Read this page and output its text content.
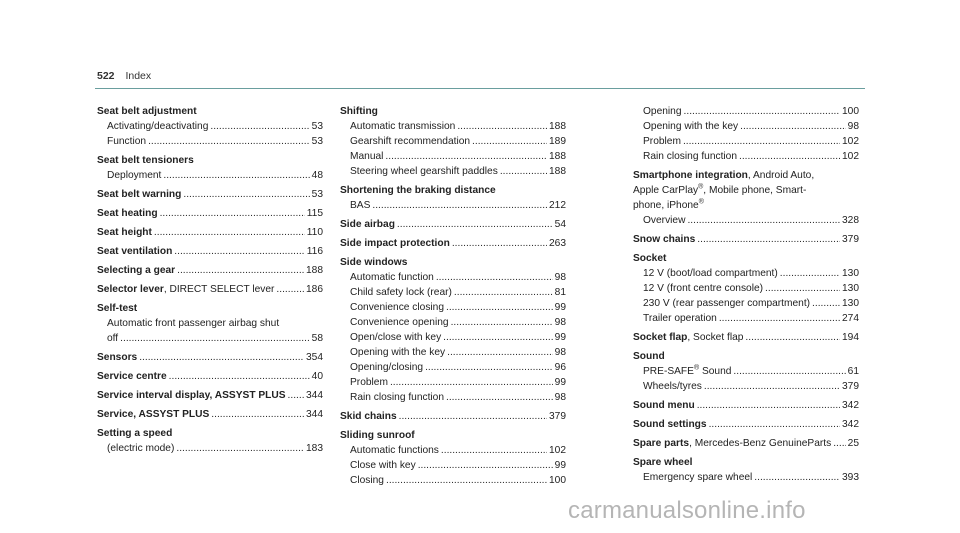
522 Index
Seat belt adjustment
Activating/deactivating .....	53
Function .....	53
Seat belt tensioners
Deployment .....	48
Seat belt warning .....	53
Seat heating .....	115
Seat height .....	110
Seat ventilation .....	116
Selecting a gear .....	188
Selector lever, DIRECT SELECT lever .....	186
Self-test
Automatic front passenger airbag shut
off .....	58
Sensors .....	354
Service centre .....	40
Service interval display, ASSYST PLUS ..... 344
Service, ASSYST PLUS .....	344
Setting a speed
(electric mode) .....	183
Shifting
Automatic transmission .....	188
Gearshift recommendation .....	189
Manual .....	188
Steering wheel gearshift paddles .....	188
Shortening the braking distance
BAS .....	212
Side airbag .....	54
Side impact protection .....	263
Side windows
Automatic function .....	98
Child safety lock (rear) .....	81
Convenience closing .....	99
Convenience opening .....	98
Open/close with key .....	99
Opening with the key .....	98
Opening/closing .....	96
Problem .....	99
Rain closing function .....	98
Skid chains .....	379
Sliding sunroof
Automatic functions .....	102
Close with key .....	99
Closing .....	100
Opening .....	100
Opening with the key .....	98
Problem .....	102
Rain closing function .....	102
Smartphone integration, Android Auto,
Apple CarPlay®, Mobile phone, Smart-
phone, iPhone®
Overview .....	328
Snow chains .....	379
Socket
12 V (boot/load compartment) .....	130
12 V (front centre console) .....	130
230 V (rear passenger compartment) .....	130
Trailer operation .....	274
Socket flap, Socket flap .....	194
Sound
PRE-SAFE® Sound .....	61
Wheels/tyres .....	379
Sound menu .....	342
Sound settings .....	342
Spare parts, Mercedes-Benz GenuineParts ..... 25
Spare wheel
Emergency spare wheel .....	393
carmanualsonline.info
